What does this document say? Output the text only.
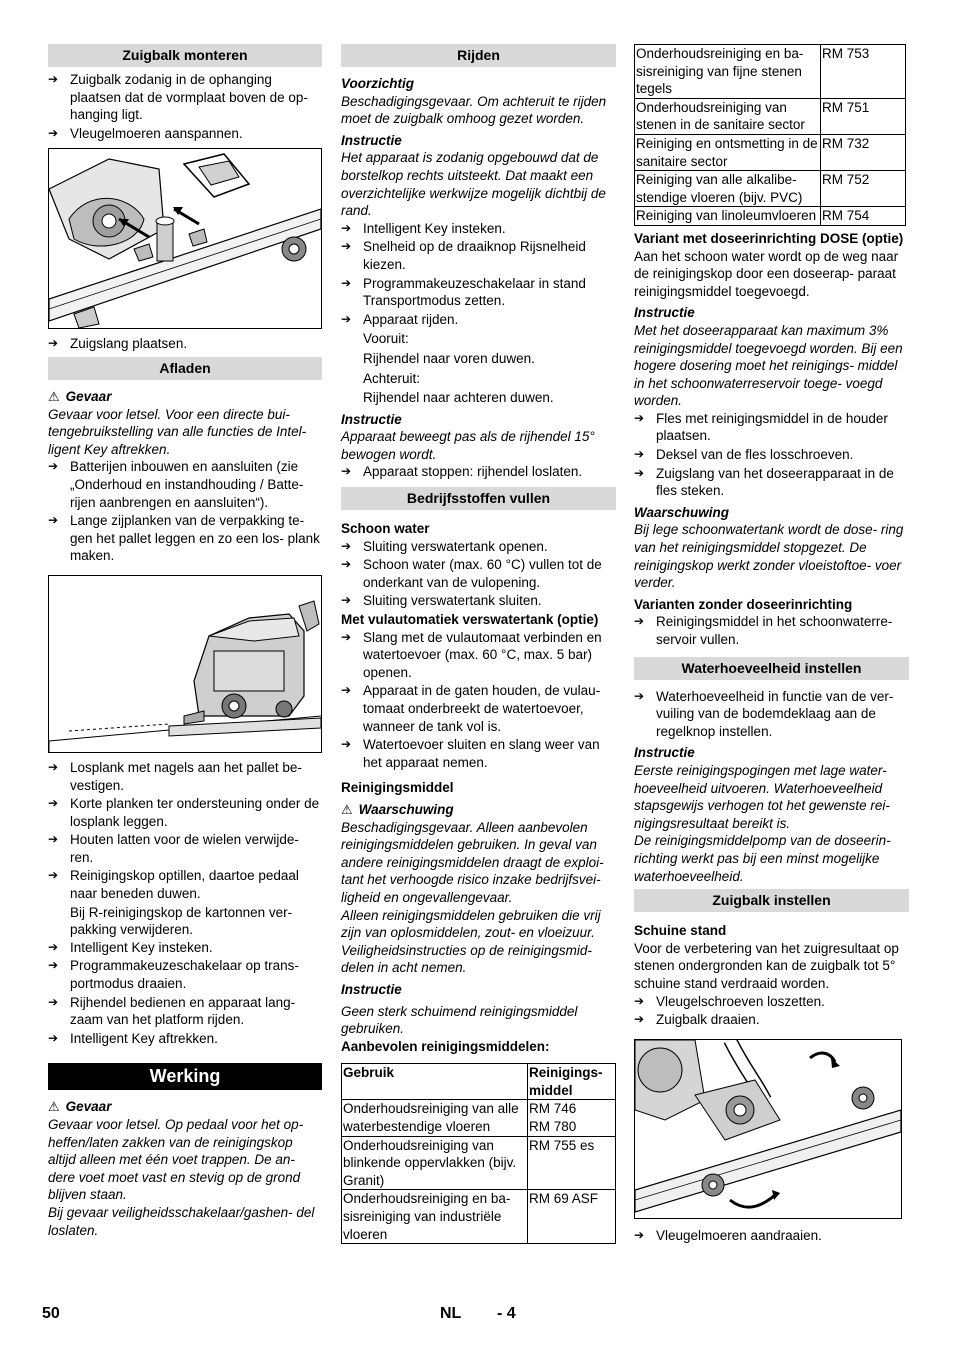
Zuigbalk monteren
➔ Zuigbalk zodanig in de ophanging plaatsen dat de vormplaat boven de op- hanging ligt.
➔ Vleugelmoeren aanspannen.
➔ Zuigslang plaatsen.
Afladen
⚠ Gevaar
Gevaar voor letsel. Voor een directe bui- tengebruikstelling van alle functies de Intel- ligent Key aftrekken.
➔ Batterijen inbouwen en aansluiten (zie „Onderhoud en instandhouding / Batte- rijen aanbrengen en aansluiten“).
➔ Lange zijplanken van de verpakking te- gen het pallet leggen en zo een los- plank maken.
➔ Losplank met nagels aan het pallet be- vestigen.
➔ Korte planken ter ondersteuning onder de losplank leggen.
➔ Houten latten voor de wielen verwijde- ren.
➔ Reinigingskop optillen, daartoe pedaal naar beneden duwen.
Bij R-reinigingskop de kartonnen ver- pakking verwijderen.
➔ Intelligent Key insteken.
➔ Programmakeuzeschakelaar op trans- portmodus draaien.
➔ Rijhendel bedienen en apparaat lang- zaam van het platform rijden.
➔ Intelligent Key aftrekken.
Werking
⚠ Gevaar
Gevaar voor letsel. Op pedaal voor het op- heffen/laten zakken van de reinigingskop altijd alleen met één voet trappen. De an- dere voet moet vast en stevig op de grond blijven staan.
Bij gevaar veiligheidsschakelaar/gashen- del loslaten.
Rijden
Voorzichtig
Beschadigingsgevaar. Om achteruit te rijden moet de zuigbalk omhoog gezet worden.
Instructie
Het apparaat is zodanig opgebouwd dat de borstelkop rechts uitsteekt. Dat maakt een overzichtelijke werkwijze mogelijk dichtbij de rand.
➔ Intelligent Key insteken.
➔ Snelheid op de draaiknop Rijsnelheid kiezen.
➔ Programmakeuzeschakelaar in stand Transportmodus zetten.
➔ Apparaat rijden.
Vooruit:
Rijhendel naar voren duwen.
Achteruit:
Rijhendel naar achteren duwen.
Instructie
Apparaat beweegt pas als de rijhendel 15° bewogen wordt.
➔ Apparaat stoppen: rijhendel loslaten.
Bedrijfsstoffen vullen
Schoon water
➔ Sluiting verswatertank openen.
➔ Schoon water (max. 60 °C) vullen tot de onderkant van de vulopening.
➔ Sluiting verswatertank sluiten.
Met vulautomatiek verswatertank (optie)
➔ Slang met de vulautomaat verbinden en watertoevoer (max. 60 °C, max. 5 bar) openen.
➔ Apparaat in de gaten houden, de vulau- tomaat onderbreekt de watertoevoer, wanneer de tank vol is.
➔ Watertoevoer sluiten en slang weer van het apparaat nemen.
Reinigingsmiddel
⚠ Waarschuwing
Beschadigingsgevaar. Alleen aanbevolen reinigingsmiddelen gebruiken. In geval van andere reinigingsmiddelen draagt de exploi- tant het verhoogde risico inzake bedrijfsvei- ligheid en ongevallengevaar.
Alleen reinigingsmiddelen gebruiken die vrij zijn van oplosmiddelen, zout- en vloeizuur. Veiligheidsinstructies op de reinigingsmid- delen in acht nemen.
Instructie
Geen sterk schuimend reinigingsmiddel gebruiken.
Aanbevolen reinigingsmiddelen:
Gebruik	Reinigings- middel
Onderhoudsreiniging van alle waterbestendige vloeren	RM 746
RM 780
Onderhoudsreiniging van blinkende oppervlakken (bijv. Granit)	RM 755 es
Onderhoudsreiniging en ba- sisreiniging van industriële vloeren	RM 69 ASF
Onderhoudsreiniging en ba- sisreiniging van fijne stenen tegels	RM 753
Onderhoudsreiniging van stenen in de sanitaire sector	RM 751
Reiniging en ontsmetting in de sanitaire sector	RM 732
Reiniging van alle alkalibe- stendige vloeren (bijv. PVC)	RM 752
Reiniging van linoleumvloeren	RM 754
Variant met doseerinrichting DOSE (optie)
Aan het schoon water wordt op de weg naar de reinigingskop door een doseerap- paraat reinigingsmiddel toegevoegd.
Instructie
Met het doseerapparaat kan maximum 3% reinigingsmiddel toegevoegd worden. Bij een hogere dosering moet het reinigings- middel in het schoonwaterreservoir toege- voegd worden.
➔ Fles met reinigingsmiddel in de houder plaatsen.
➔ Deksel van de fles losschroeven.
➔ Zuigslang van het doseerapparaat in de fles steken.
Waarschuwing
Bij lege schoonwatertank wordt de dose- ring van het reinigingsmiddel stopgezet. De reinigingskop werkt zonder vloeistoftoe- voer verder.
Varianten zonder doseerinrichting
➔ Reinigingsmiddel in het schoonwaterre- servoir vullen.
Waterhoeveelheid instellen
➔ Waterhoeveelheid in functie van de ver- vuiling van de bodemdeklaag aan de regelknop instellen.
Instructie
Eerste reinigingspogingen met lage water- hoeveelheid uitvoeren. Waterhoeveelheid stapsgewijs verhogen tot het gewenste rei- nigingsresultaat bereikt is.
De reinigingsmiddelpomp van de doseerin- richting werkt pas bij een minst mogelijke waterhoeveelheid.
Zuigbalk instellen
Schuine stand
Voor de verbetering van het zuigresultaat op stenen ondergronden kan de zuigbalk tot 5° schuine stand verdraaid worden.
➔ Vleugelschroeven loszetten.
➔ Zuigbalk draaien.
➔ Vleugelmoeren aandraaien.
50	NL - 4
